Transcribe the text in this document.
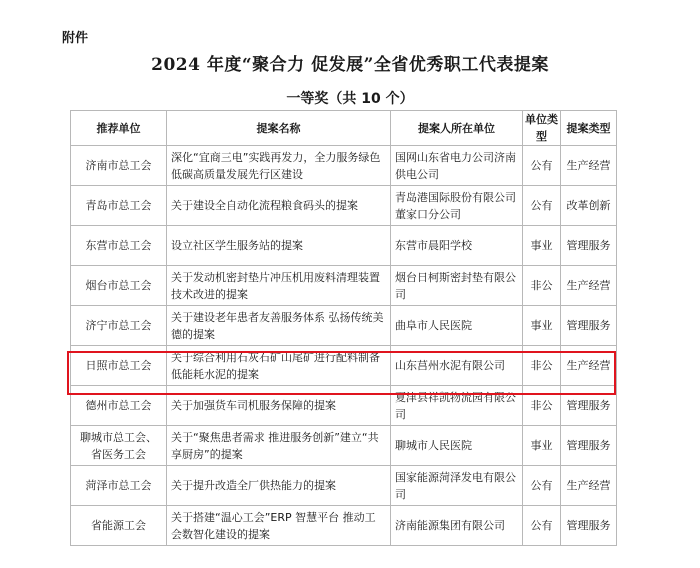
附件
2024 年度“聚合力 促发展”全省优秀职工代表提案
一等奖（共 10 个）
推荐单位	提案名称	提案人所在单位	单位类型	提案类型
济南市总工会	深化“宜商三电”实践再发力，全力服务绿色低碳高质量发展先行区建设	国网山东省电力公司济南供电公司	公有	生产经营
青岛市总工会	关于建设全自动化流程粮食码头的提案	青岛港国际股份有限公司董家口分公司	公有	改革创新
东营市总工会	设立社区学生服务站的提案	东营市晨阳学校	事业	管理服务
烟台市总工会	关于发动机密封垫片冲压机用废料清理装置技术改进的提案	烟台日柯斯密封垫有限公司	非公	生产经营
济宁市总工会	关于建设老年患者友善服务体系 弘扬传统美德的提案	曲阜市人民医院	事业	管理服务
日照市总工会	关于综合利用石灰石矿山尾矿进行配料制备低能耗水泥的提案	山东莒州水泥有限公司	非公	生产经营
德州市总工会	关于加强货车司机服务保障的提案	夏津县祥凯物流园有限公司	非公	管理服务
聊城市总工会、省医务工会	关于“聚焦患者需求 推进服务创新”建立“共享厨房”的提案	聊城市人民医院	事业	管理服务
菏泽市总工会	关于提升改造全厂供热能力的提案	国家能源菏泽发电有限公司	公有	生产经营
省能源工会	关于搭建“温心工会”ERP 智慧平台 推动工会数智化建设的提案	济南能源集团有限公司	公有	管理服务
